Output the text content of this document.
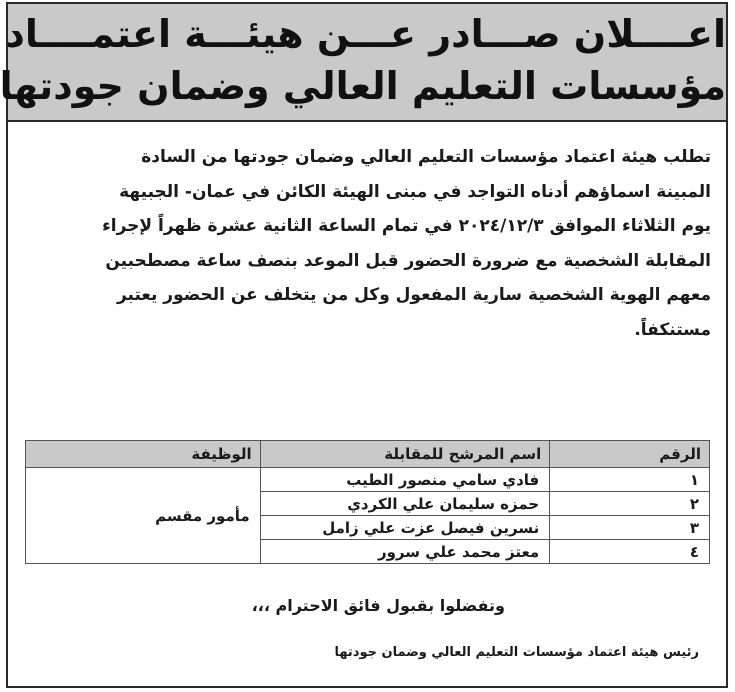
اعــــلان صـــادر عـــن هيئـــة اعتمــــاد
مؤسسات التعليم العالي وضمان جودتها
تطلب هيئة اعتماد مؤسسات التعليم العالي وضمان جودتها من السادة
المبينة اسماؤهم أدناه التواجد في مبنى الهيئة الكائن في عمان- الجبيهة
يوم الثلاثاء الموافق ٢٠٢٤/١٢/٣ في تمام الساعة الثانية عشرة ظهراً لإجراء
المقابلة الشخصية مع ضرورة الحضور قبل الموعد بنصف ساعة مصطحبين
معهم الهوية الشخصية سارية المفعول وكل من يتخلف عن الحضور يعتبر
مستنكفاً.
الرقم	اسم المرشح للمقابلة	الوظيفة
١	فادي سامي منصور الطيب	مأمور مقسم
٢	حمزه سليمان علي الكردي	
٣	نسرين فيصل عزت علي زامل	
٤	معتز محمد علي سرور	
وتفضلوا بقبول فائق الاحترام ،،،
رئيس هيئة اعتماد مؤسسات التعليم العالي وضمان جودتها
